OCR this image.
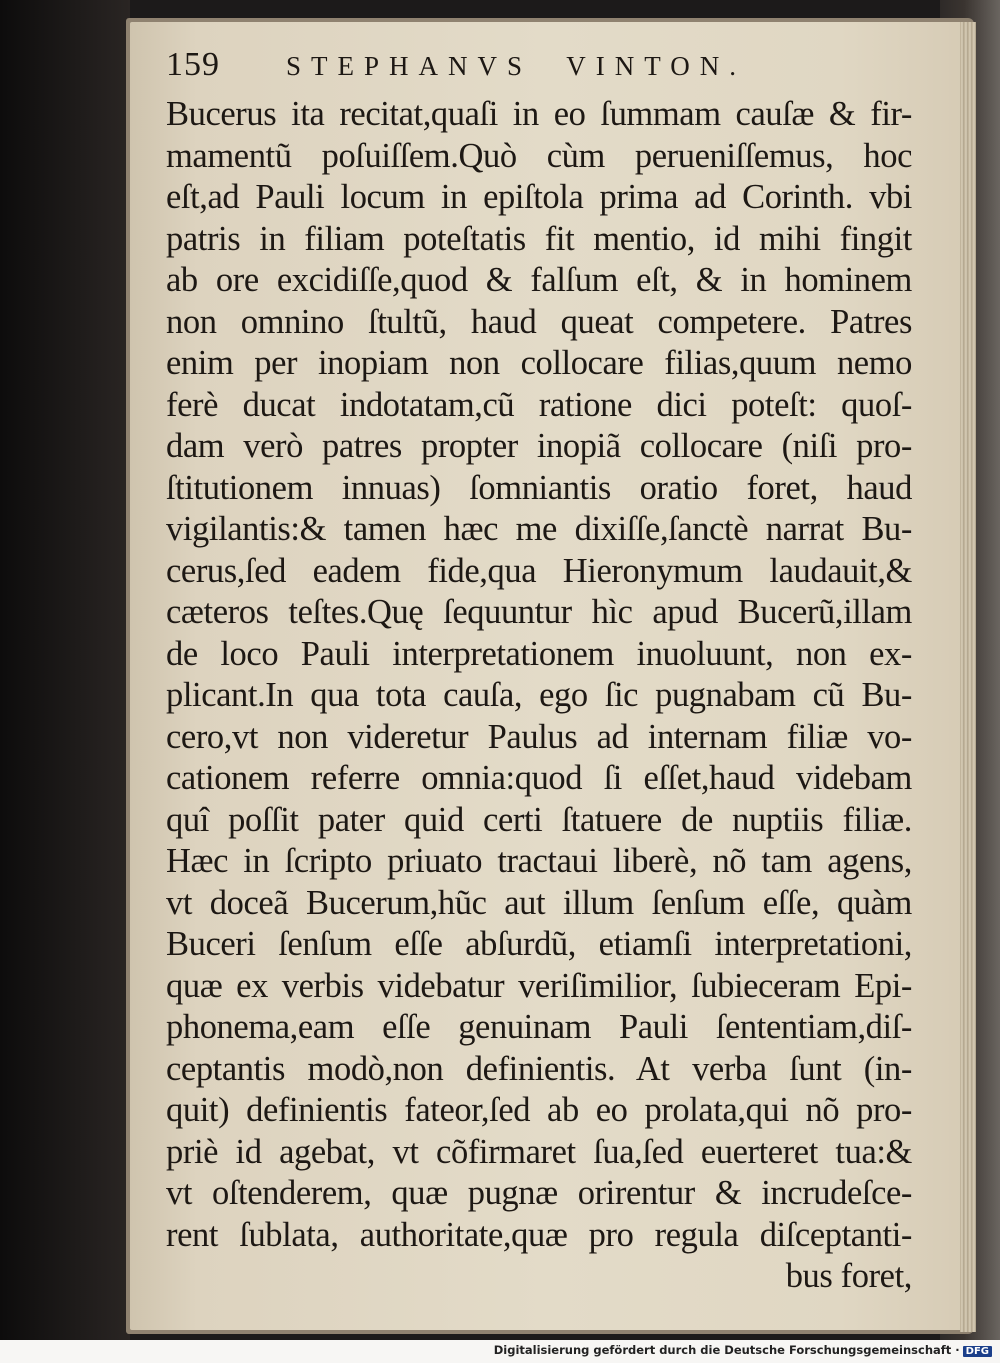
159	STEPHANVS VINTON.
Bucerus ita recitat,quaſi in eo ſummam cauſæ & fir-
mamentũ poſuiſſem.Quò cùm perueniſſemus, hoc
eſt,ad Pauli locum in epiſtola prima ad Corinth. vbi
patris in filiam poteſtatis fit mentio, id mihi fingit
ab ore excidiſſe,quod & falſum eſt, & in hominem
non omnino ſtultũ, haud queat competere. Patres
enim per inopiam non collocare filias,quum nemo
ferè ducat indotatam,cũ ratione dici poteſt: quoſ-
dam verò patres propter inopiã collocare (niſi pro-
ſtitutionem innuas) ſomniantis oratio foret, haud
vigilantis:& tamen hæc me dixiſſe,ſanctè narrat Bu-
cerus,ſed eadem fide,qua Hieronymum laudauit,&
cæteros teſtes.Quę ſequuntur hìc apud Bucerũ,illam
de loco Pauli interpretationem inuoluunt, non ex-
plicant.In qua tota cauſa, ego ſic pugnabam cũ Bu-
cero,vt non videretur Paulus ad internam filiæ vo-
cationem referre omnia:quod ſi eſſet,haud videbam
quî poſſit pater quid certi ſtatuere de nuptiis filiæ.
Hæc in ſcripto priuato tractaui liberè, nõ tam agens,
vt doceã Bucerum,hũc aut illum ſenſum eſſe, quàm
Buceri ſenſum eſſe abſurdũ, etiamſi interpretationi,
quæ ex verbis videbatur veriſimilior, ſubieceram Epi-
phonema,eam eſſe genuinam Pauli ſententiam,diſ-
ceptantis modò,non definientis. At verba ſunt (in-
quit) definientis fateor,ſed ab eo prolata,qui nõ pro-
priè id agebat, vt cõfirmaret ſua,ſed euerteret tua:&
vt oſtenderem, quæ pugnæ orirentur & incrudeſce-
rent ſublata, authoritate,quæ pro regula diſceptanti-
bus foret,
Digitalisierung gefördert durch die Deutsche Forschungsgemeinschaft · DFG
